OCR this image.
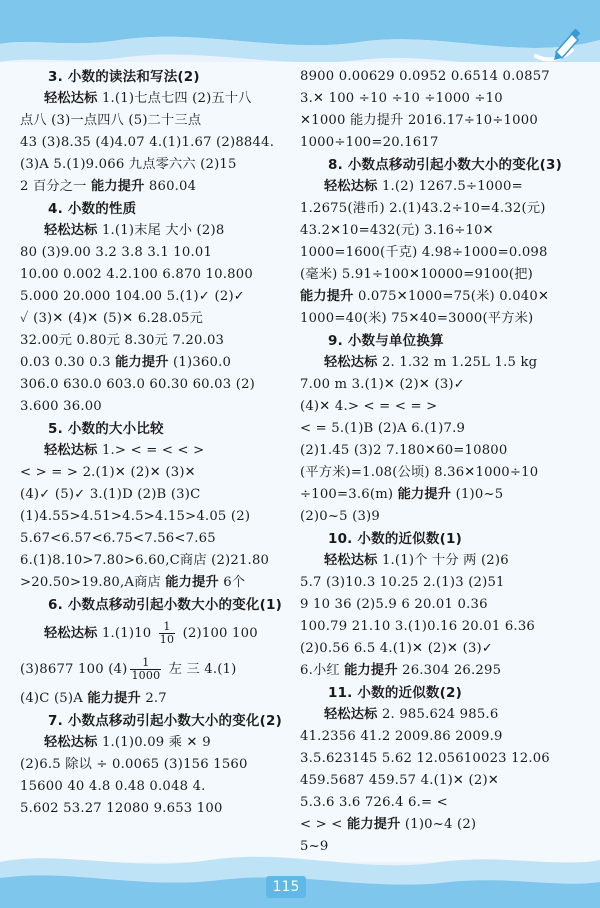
3. 小数的读法和写法(2)
轻松达标 1.(1)七点七四 (2)五十八
点八 (3)一点四八 (5)二十三点
43 (3)8.35 (4)4.07 4.(1)1.67 (2)8844.
(3)A 5.(1)9.066 九点零六六 (2)15
2 百分之一 能力提升 860.04
4. 小数的性质
轻松达标 1.(1)末尾 大小 (2)8
80 (3)9.00 3.2 3.8 3.1 10.01
10.00 0.002 4.2.100 6.870 10.800
5.000 20.000 104.00 5.(1)✓ (2)✓
✓ (3)✕ (4)✕ (5)✕ 6.28.05元
32.00元 0.80元 8.30元 7.20.03
0.03 0.30 0.3 能力提升 (1)360.0
306.0 630.0 603.0 60.30 60.03 (2)
3.600 36.00
5. 小数的大小比较
轻松达标 1.> < = < < >
< > = > 2.(1)✕ (2)✕ (3)✕
(4)✓ (5)✓ 3.(1)D (2)B (3)C
(1)4.55>4.51>4.5>4.15>4.05 (2)
5.67<6.57<6.75<7.56<7.65
6.(1)8.10>7.80>6.60,C商店 (2)21.80
>20.50>19.80,A商店 能力提升 6个
6. 小数点移动引起小数大小的变化(1)
轻松达标 $1.(1)10 \frac{1}{10} (2)100$ 100
(3)8677 100 $(4) \frac{1}{1000}$ 左 三 4.(1)
(4)C (5)A 能力提升 2.7
7. 小数点移动引起小数大小的变化(2)
轻松达标 1.(1)0.09 乘 ✕ 9
(2)6.5 除以 ÷ 0.0065 (3)156 1560
15600 40 4.8 0.48 0.048 4.
5.602 53.27 12080 9.653 100
8900 0.00629 0.0952 0.6514 0.0857
3.✕ 100 ÷10 ÷10 ÷1000 ÷10
✕1000 能力提升 2016.17÷10÷1000
1000÷100=20.1617
8. 小数点移动引起小数大小的变化(3)
轻松达标 1.(2) 1267.5÷1000=
1.2675(港币) 2.(1)43.2÷10=4.32(元)
43.2✕10=432(元) 3.16÷10✕
1000=1600(千克) 4.98÷1000=0.098
(毫米) 5.91÷100✕10000=9100(把)
能力提升 0.075✕1000=75(米) 0.040✕
1000=40(米) 75✕40=3000(平方米)
9. 小数与单位换算
轻松达标 2. 1.32 m 1.25L 1.5 kg
7.00 m 3.(1)✕ (2)✕ (3)✓
(4)✕ 4.> < = < = >
< = 5.(1)B (2)A 6.(1)7.9
(2)1.45 (3)2 7.180✕60=10800
(平方米)=1.08(公顷) 8.36✕1000÷10
÷100=3.6(m) 能力提升 (1)0~5
(2)0~5 (3)9
10. 小数的近似数(1)
轻松达标 1.(1)个 十分 两 (2)6
5.7 (3)10.3 10.25 2.(1)3 (2)51
9 10 36 (2)5.9 6 20.01 0.36
100.79 21.10 3.(1)0.16 20.01 6.36
(2)0.56 6.5 4.(1)✕ (2)✕ (3)✓
6.小红 能力提升 26.304 26.295
11. 小数的近似数(2)
轻松达标 2. 985.624 985.6
41.2356 41.2 2009.86 2009.9
3.5.623145 5.62 12.05610023 12.06
459.5687 459.57 4.(1)✕ (2)✕
5.3.6 3.6 726.4 6.= <
< > < 能力提升 (1)0~4 (2)
5~9
115
